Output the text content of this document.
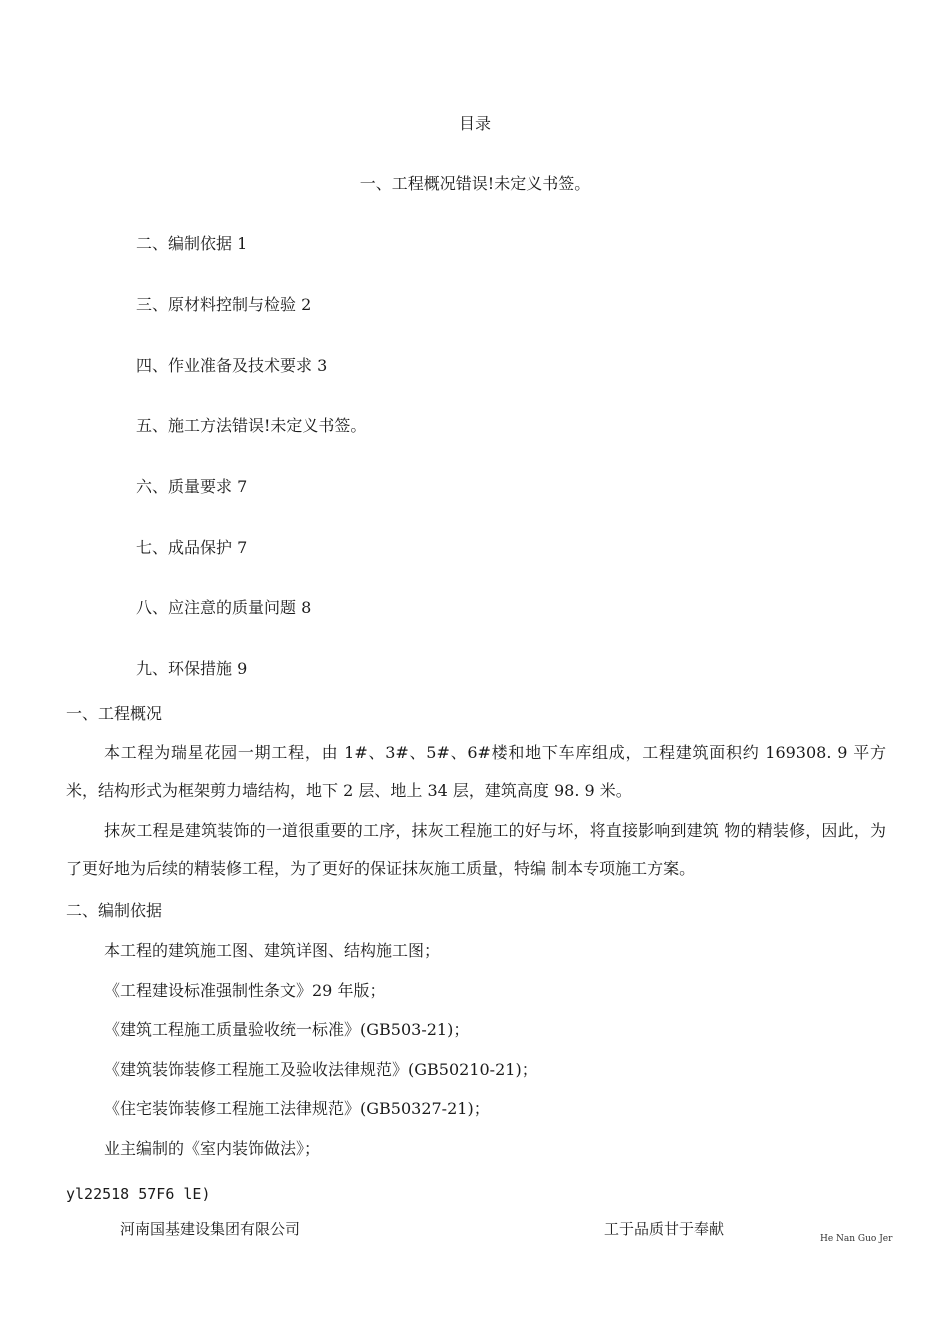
目录
一、工程概况错误!未定义书签。
二、编制依据 1
三、原材料控制与检验 2
四、作业准备及技术要求 3
五、施工方法错误!未定义书签。
六、质量要求 7
七、成品保护 7
八、应注意的质量问题 8
九、环保措施 9
一、工程概况
本工程为瑞星花园一期工程，由 1#、3#、5#、6#楼和地下车库组成，工程建筑面积约 169308. 9 平方米，结构形式为框架剪力墙结构，地下 2 层、地上 34 层，建筑高度 98. 9 米。
抹灰工程是建筑装饰的一道很重要的工序，抹灰工程施工的好与坏，将直接影响到建筑 物的精装修，因此，为了更好地为后续的精装修工程，为了更好的保证抹灰施工质量，特编 制本专项施工方案。
二、编制依据
本工程的建筑施工图、建筑详图、结构施工图；
《工程建设标准强制性条文》29 年版；
《建筑工程施工质量验收统一标准》(GB503-21)；
《建筑装饰装修工程施工及验收法律规范》(GB50210-21)；
《住宅装饰装修工程施工法律规范》(GB50327-21)；
业主编制的《室内装饰做法》；
yl22518 57F6 lE)
河南国基建设集团有限公司	工于品质甘于奉献
He Nan Guo Jer
